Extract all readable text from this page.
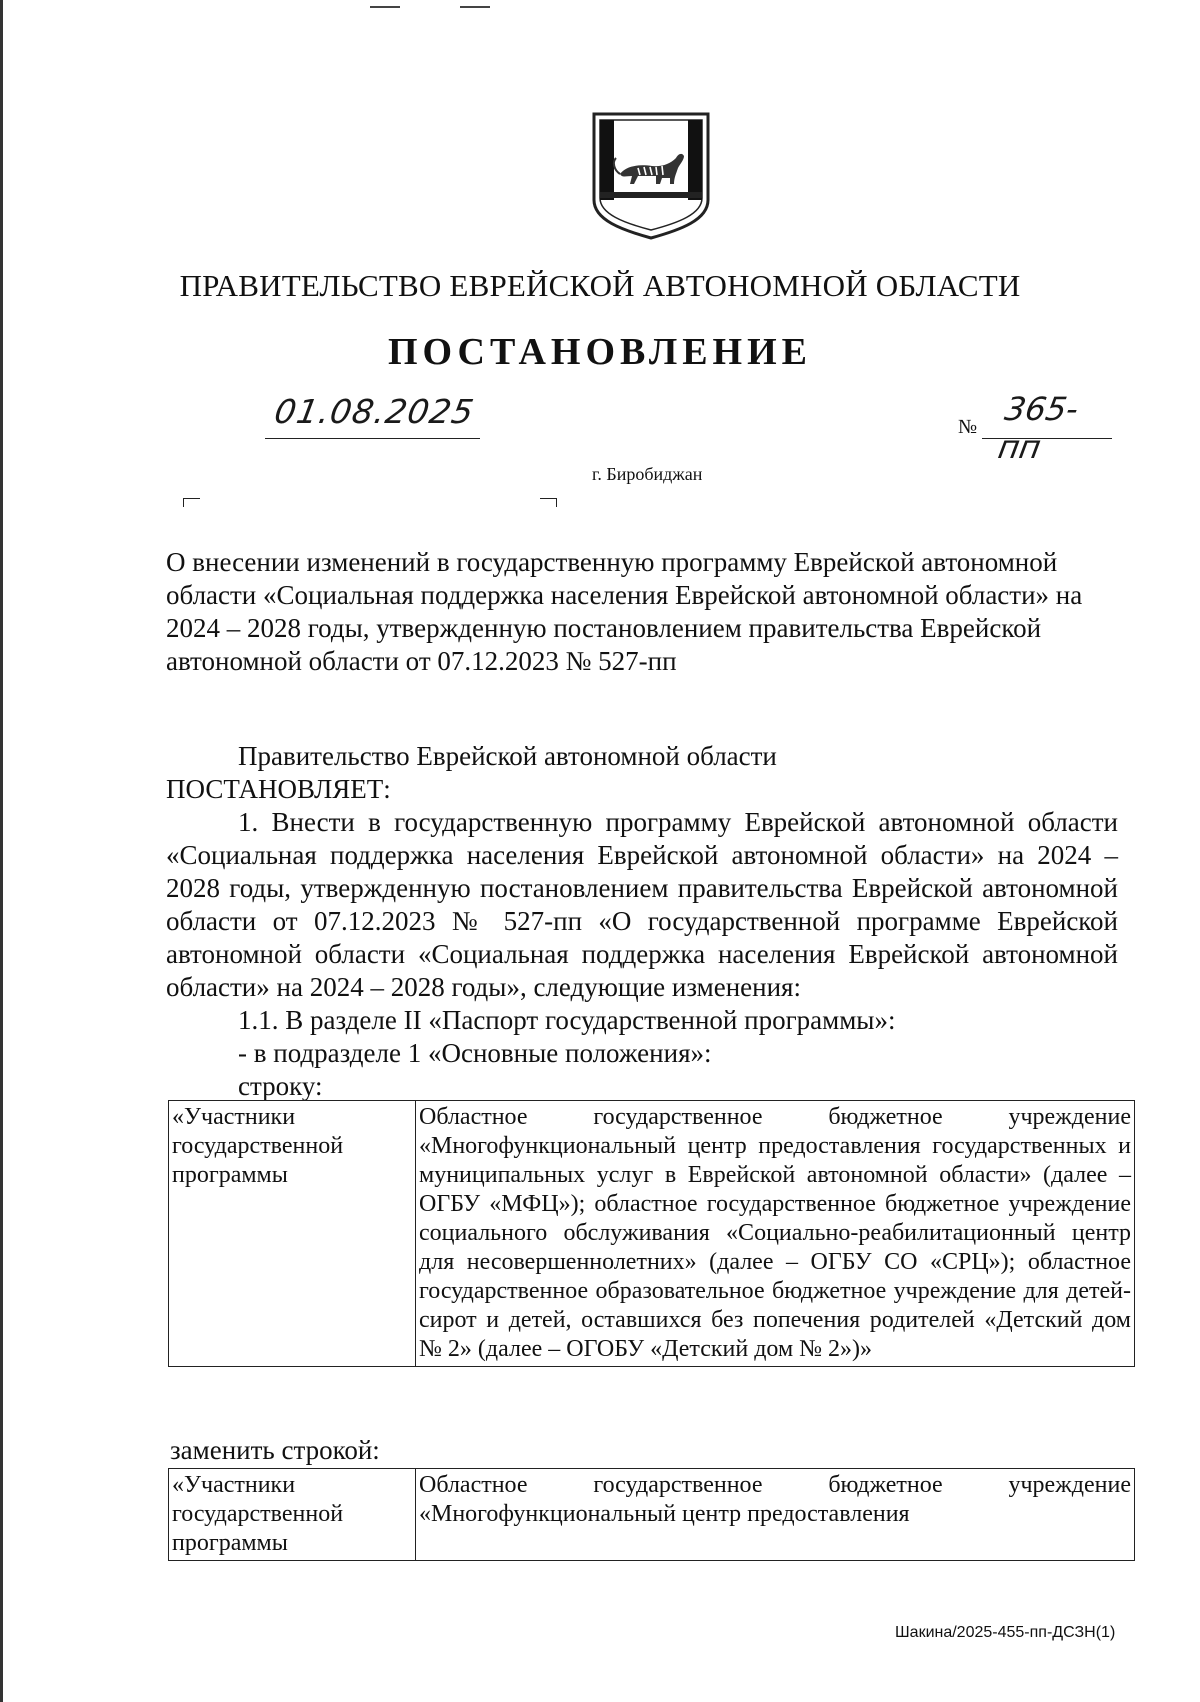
ПРАВИТЕЛЬСТВО ЕВРЕЙСКОЙ АВТОНОМНОЙ ОБЛАСТИ
ПОСТАНОВЛЕНИЕ
01.08.2025	№ 365-пп
г. Биробиджан
О внесении изменений в государственную программу Еврейской автономной области «Социальная поддержка населения Еврейской автономной области» на 2024 – 2028 годы, утвержденную постановлением правительства Еврейской автономной области от 07.12.2023 № 527-пп

Правительство Еврейской автономной области

ПОСТАНОВЛЯЕТ:

1. Внести в государственную программу Еврейской автономной области «Социальная поддержка населения Еврейской автономной области» на 2024 – 2028 годы, утвержденную постановлением правительства Еврейской автономной области от 07.12.2023 № 527-пп «О государственной программе Еврейской автономной области «Социальная поддержка населения Еврейской автономной области» на 2024 – 2028 годы», следующие изменения:

1.1. В разделе II «Паспорт государственной программы»:

- в подразделе 1 «Основные положения»:

строку:

«Участники государственной программы	Областное государственное бюджетное учреждение «Многофункциональный центр предоставления государственных и муниципальных услуг в Еврейской автономной области» (далее – ОГБУ «МФЦ»); областное государственное бюджетное учреждение социального обслуживания «Социально-реабилитационный центр для несовершеннолетних» (далее – ОГБУ СО «СРЦ»); областное государственное образовательное бюджетное учреждение для детей-сирот и детей, оставшихся без попечения родителей «Детский дом № 2» (далее – ОГОБУ «Детский дом № 2»)»
заменить строкой:
«Участники государственной программы	Областное государственное бюджетное учреждение «Многофункциональный центр предоставления
Шакина/2025-455-пп-ДСЗН(1)
